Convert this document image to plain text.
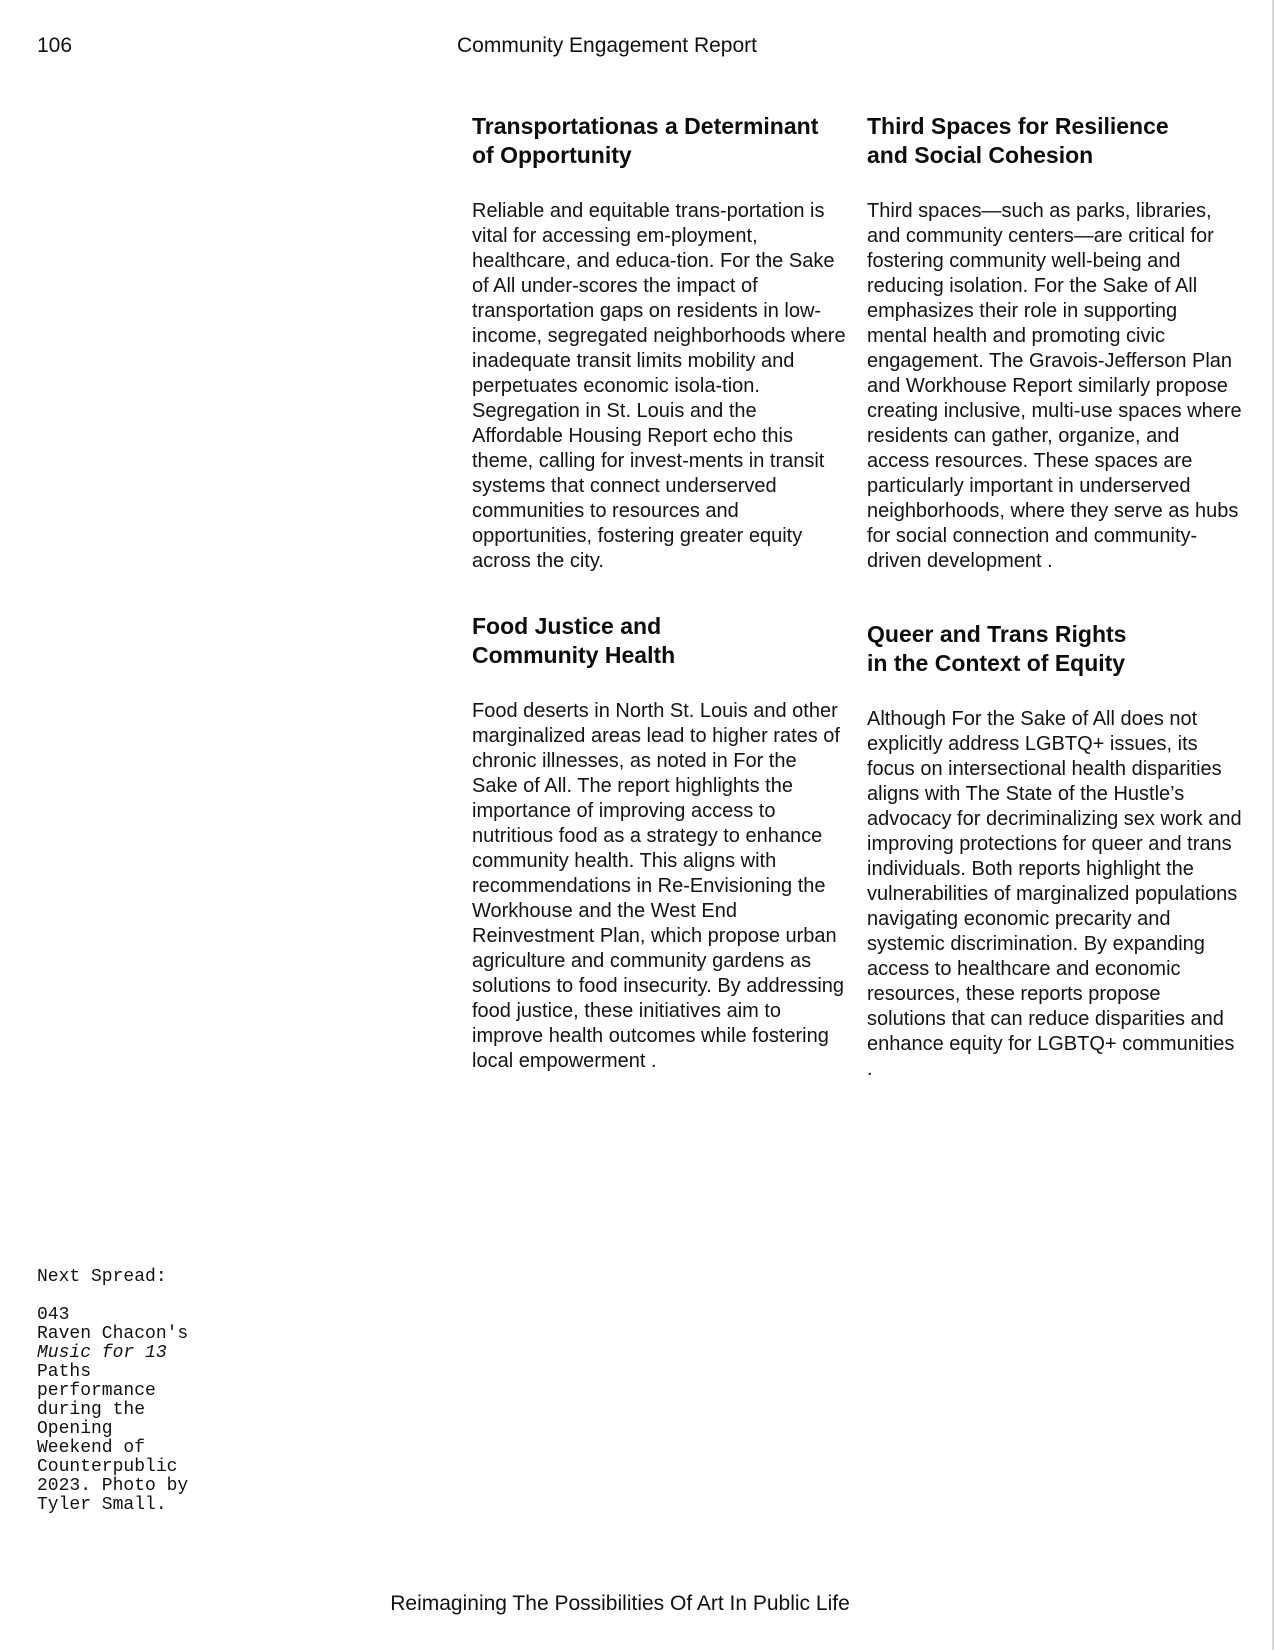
106	Community Engagement Report
Transportationas a Determinant
of Opportunity

Reliable and equitable trans-portation is vital for accessing em-ployment, healthcare, and educa-tion. For the Sake of All under-scores the impact of transportation gaps on residents in low-income, segregated neighborhoods where inadequate transit limits mobility and perpetuates economic isola-tion. Segregation in St. Louis and the Affordable Housing Report echo this theme, calling for invest-ments in transit systems that connect underserved communities to resources and opportunities, fostering greater equity across the city.

Food Justice and
Community Health

Food deserts in North St. Louis and other marginalized areas lead to higher rates of chronic illnesses, as noted in For the Sake of All. The report highlights the importance of improving access to nutritious food as a strategy to enhance community health. This aligns with recommendations in Re-Envisioning the Workhouse and the West End Reinvestment Plan, which propose urban agriculture and community gardens as solutions to food insecurity. By addressing food justice, these initiatives aim to improve health outcomes while fostering local empowerment .

Third Spaces for Resilience
and Social Cohesion

Third spaces—such as parks, libraries, and community centers—are critical for fostering community well-being and reducing isolation. For the Sake of All emphasizes their role in supporting mental health and promoting civic engagement. The Gravois-Jefferson Plan and Workhouse Report similarly propose creating inclusive, multi-use spaces where residents can gather, organize, and access resources. These spaces are particularly important in underserved neighborhoods, where they serve as hubs for social connection and community-driven development .

Queer and Trans Rights
in the Context of Equity

Although For the Sake of All does not explicitly address LGBTQ+ issues, its focus on intersectional health disparities aligns with The State of the Hustle’s advocacy for decriminalizing sex work and improving protections for queer and trans individuals. Both reports highlight the vulnerabilities of marginalized populations navigating economic precarity and systemic discrimination. By expanding access to healthcare and economic resources, these reports propose solutions that can reduce disparities and enhance equity for LGBTQ+ communities .

Next Spread:
043
Raven Chacon's
Music for 13
Paths
performance
during the
Opening
Weekend of
Counterpublic
2023. Photo by
Tyler Small.
Reimagining The Possibilities Of Art In Public Life
